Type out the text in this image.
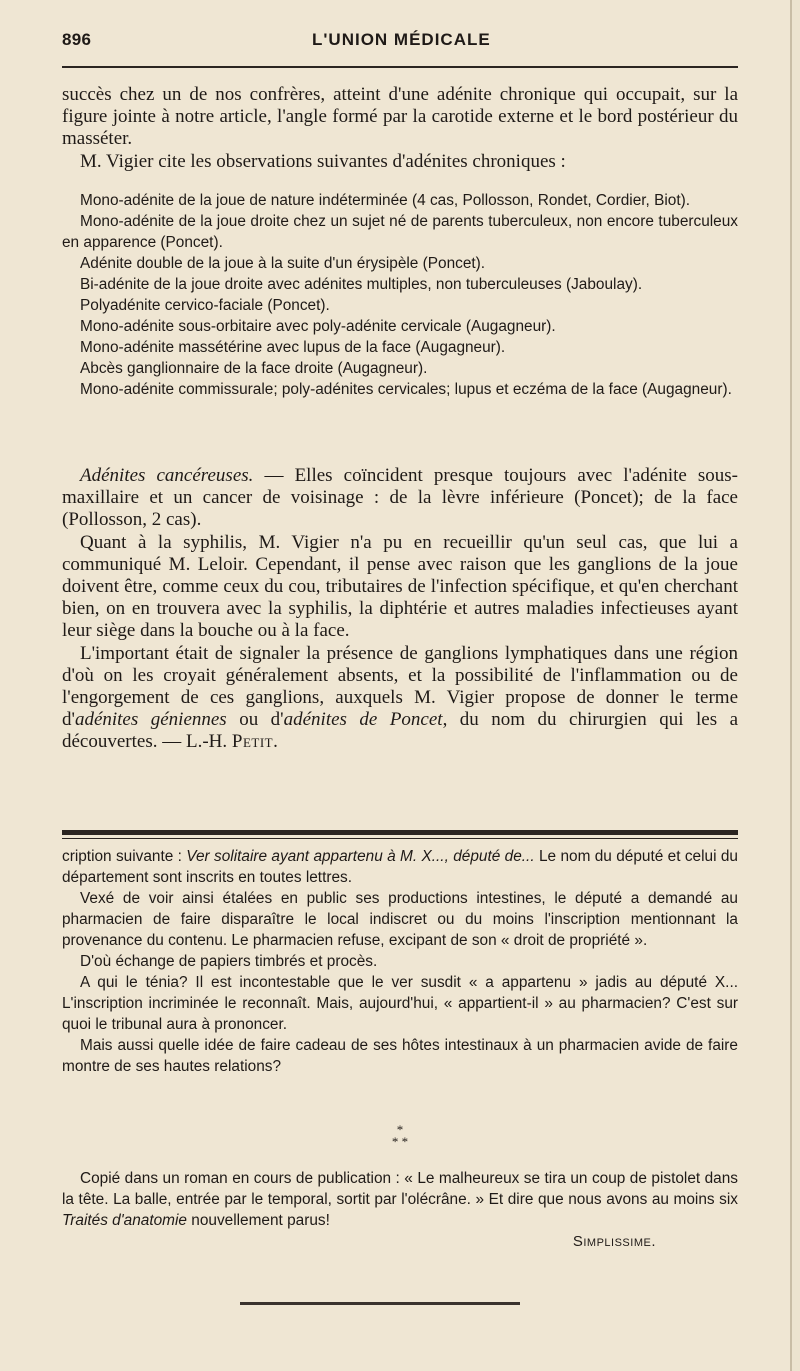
896	L'UNION MÉDICALE

succès chez un de nos confrères, atteint d'une adénite chronique qui occupait, sur la figure jointe à notre article, l'angle formé par la carotide externe et le bord postérieur du masséter.

M. Vigier cite les observations suivantes d'adénites chroniques :

Mono-adénite de la joue de nature indéterminée (4 cas, Pollosson, Rondet, Cordier, Biot).

Mono-adénite de la joue droite chez un sujet né de parents tuberculeux, non encore tuberculeux en apparence (Poncet).

Adénite double de la joue à la suite d'un érysipèle (Poncet).

Bi-adénite de la joue droite avec adénites multiples, non tuberculeuses (Jaboulay).

Polyadénite cervico-faciale (Poncet).

Mono-adénite sous-orbitaire avec poly-adénite cervicale (Augagneur).

Mono-adénite massétérine avec lupus de la face (Augagneur).

Abcès ganglionnaire de la face droite (Augagneur).

Mono-adénite commissurale; poly-adénites cervicales; lupus et eczéma de la face (Augagneur).

Adénites cancéreuses. — Elles coïncident presque toujours avec l'adénite sous-maxillaire et un cancer de voisinage : de la lèvre inférieure (Poncet); de la face (Pollosson, 2 cas).

Quant à la syphilis, M. Vigier n'a pu en recueillir qu'un seul cas, que lui a communiqué M. Leloir. Cependant, il pense avec raison que les ganglions de la joue doivent être, comme ceux du cou, tributaires de l'infection spécifique, et qu'en cherchant bien, on en trouvera avec la syphilis, la diphtérie et autres maladies infectieuses ayant leur siège dans la bouche ou à la face.

L'important était de signaler la présence de ganglions lymphatiques dans une région d'où on les croyait généralement absents, et la possibilité de l'inflammation ou de l'engorgement de ces ganglions, auxquels M. Vigier propose de donner le terme d'adénites géniennes ou d'adénites de Poncet, du nom du chirurgien qui les a découvertes. — L.-H. Petit.

cription suivante : Ver solitaire ayant appartenu à M. X..., député de... Le nom du député et celui du département sont inscrits en toutes lettres.

Vexé de voir ainsi étalées en public ses productions intestines, le député a demandé au pharmacien de faire disparaître le local indiscret ou du moins l'inscription mentionnant la provenance du contenu. Le pharmacien refuse, excipant de son « droit de propriété ».

D'où échange de papiers timbrés et procès.

A qui le ténia? Il est incontestable que le ver susdit « a appartenu » jadis au député X... L'inscription incriminée le reconnaît. Mais, aujourd'hui, « appartient-il » au pharmacien? C'est sur quoi le tribunal aura à prononcer.

Mais aussi quelle idée de faire cadeau de ses hôtes intestinaux à un pharmacien avide de faire montre de ses hautes relations?

*
* *

Copié dans un roman en cours de publication : « Le malheureux se tira un coup de pistolet dans la tête. La balle, entrée par le temporal, sortit par l'olécrâne. » Et dire que nous avons au moins six Traités d'anatomie nouvellement parus!

Simplissime.
